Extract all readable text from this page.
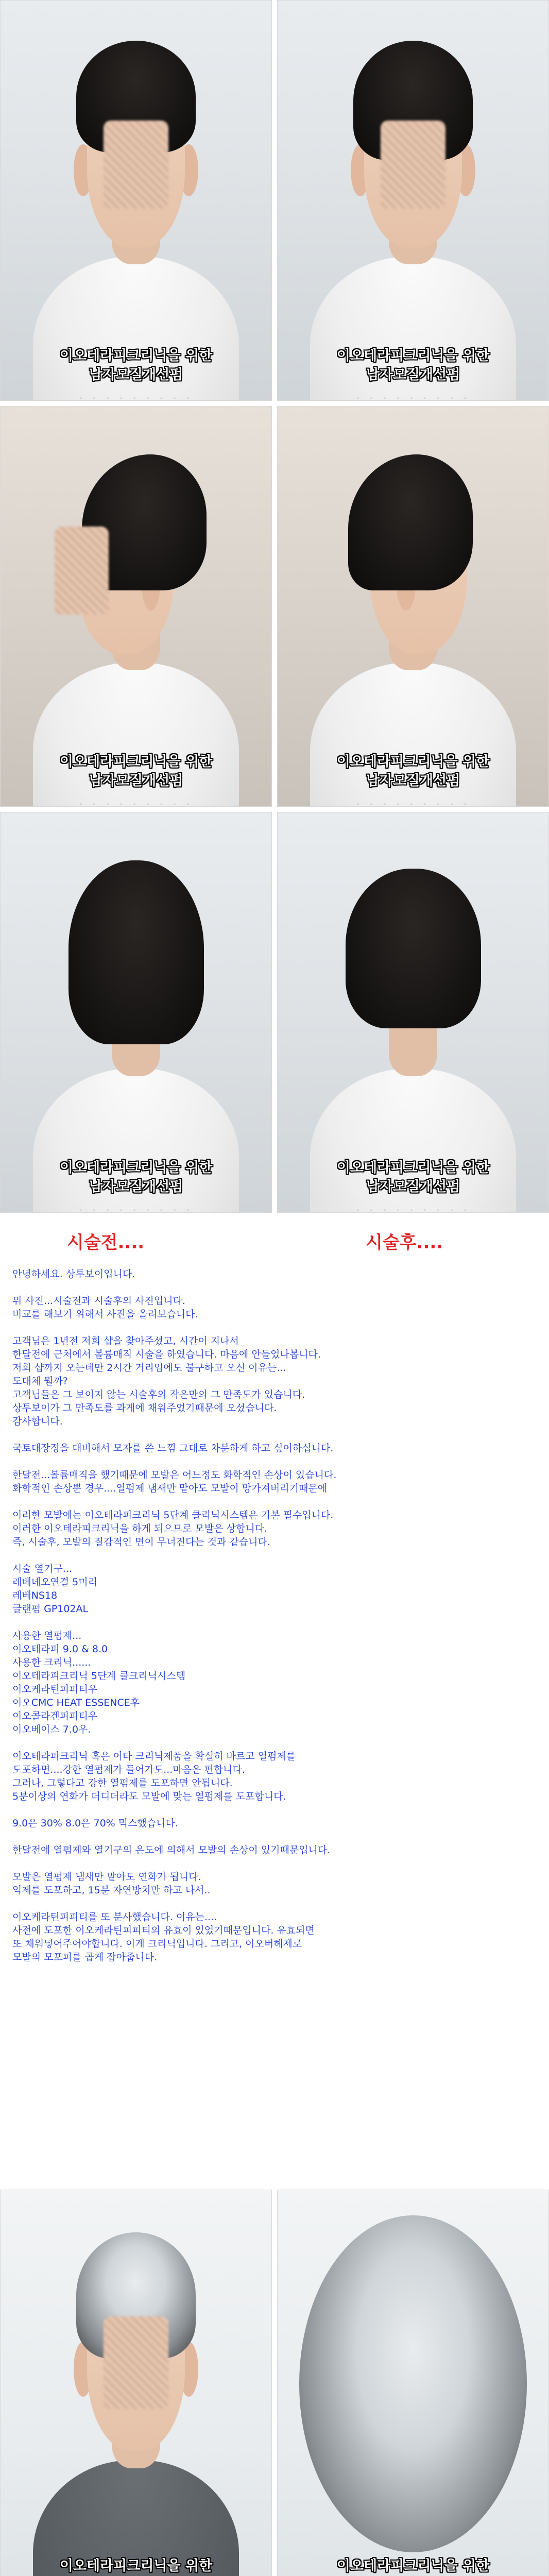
이오테라피크리닉을 위한
남자모질개선펌
이오테라피크리닉을 위한
남자모질개선펌
이오테라피크리닉을 위한
남자모질개선펌
이오테라피크리닉을 위한
남자모질개선펌
이오테라피크리닉을 위한
남자모질개선펌
이오테라피크리닉을 위한
남자모질개선펌
시술전....	시술후....

안녕하세요. 상투보이입니다.

위 사진...시술전과 시술후의 사진입니다.

비교를 해보기 위해서 사진을 올려보습니다.

고객님은 1년전 저희 샵을 찾아주셨고, 시간이 지나서

한달전에 근처에서 볼륨매직 시술을 하였습니다. 마음에 안들었나봅니다.

저희 샵까지 오는데만 2시간 거리임에도 불구하고 오신 이유는...

도대체 뭘까?

고객님들은 그 보이지 않는 시술후의 작은만의 그 만족도가 있습니다.

상투보이가 그 만족도를 과게에 채워주었기때문에 오셨습니다.

감사합니다.

국토대장정을 대비해서 모자를 쓴 느낌 그대로 차분하게 하고 싶어하십니다.

한달전...볼륨매직을 했기때문에 모발은 어느정도 화학적인 손상이 있습니다.

화학적인 손상뿐 경우....열펌제 냄새만 맡아도 모발이 망가져버리기때문에

이러한 모발에는 이오테라피크리닉 5단계 클리닉시스템은 기본 필수입니다.

이러한 이오테라피크리닉을 하게 되으므로 모발은 상합니다.

즉, 시술후, 모발의 질감적인 면이 무너진다는 것과 같습니다.

시술 열기구...

레베녜오연결 5미리

레베NS18

글랜펌 GP102AL

사용한 열펌제...

이오테라피 9.0 & 8.0

사용한 크리닉......

이오테라피크리닉 5단계 클크리닉시스템

이오케라틴피피티우

이오CMC HEAT ESSENCE후

이오콜라겐피피티우

이오베이스 7.0우.

이오테라피크리닉 혹은 어타 크리닉제품을 확실히 바르고 열펌제를

도포하면....강한 열펌제가 들어가도...마음은 편합니다.

그러나, 그렇다고 강한 열펌제를 도포하면 안됩니다.

5분이상의 연화가 더디더라도 모발에 맞는 열펌제를 도포합니다.

9.0은 30% 8.0은 70% 믹스했습니다.

한달전에 열펌제와 열기구의 온도에 의해서 모발의 손상이 있기때문입니다.

모발은 열펌제 냄새만 맡아도 연화가 됩니다.

익제를 도포하고, 15분 자연방치만 하고 나서..

이오케라틴피피티를 또 분사했습니다. 이유는....

사전에 도포한 이오케라틴피피티의 유효이 있었기때문입니다. 유효되면

또 채워넣어주어야합니다. 이게 크리닉입니다. 그리고, 이오버헤제로

모발의 모포피를 곱게 잡아줍니다.

이오테라피크리닉을 위한	이오테라피크리닉을 위한
